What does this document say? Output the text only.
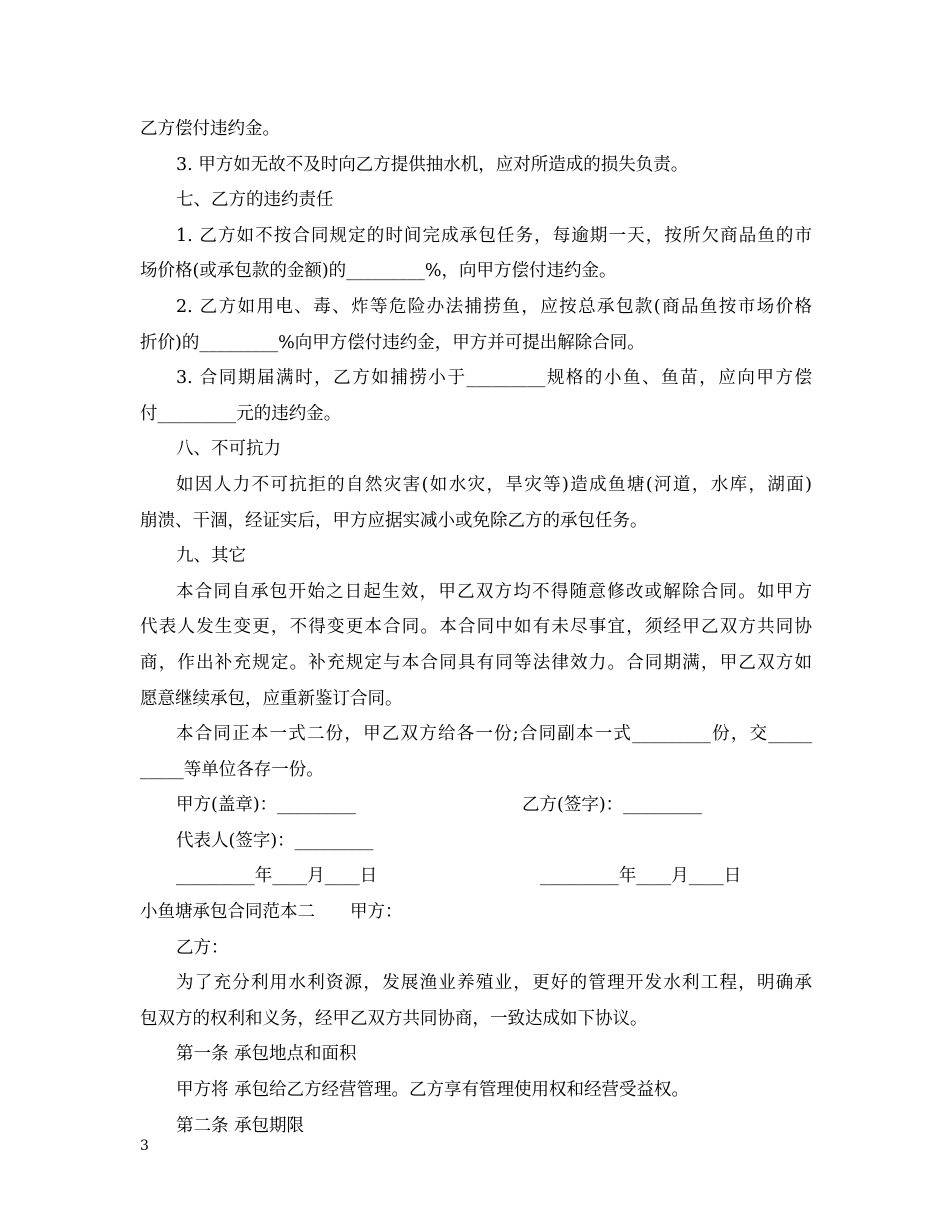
乙方偿付违约金。
3. 甲方如无故不及时向乙方提供抽水机，应对所造成的损失负责。
七、乙方的违约责任
1. 乙方如不按合同规定的时间完成承包任务，每逾期一天，按所欠商品鱼的市
场价格(或承包款的金额)的_________%，向甲方偿付违约金。
2. 乙方如用电、毒、炸等危险办法捕捞鱼，应按总承包款(商品鱼按市场价格
折价)的_________%向甲方偿付违约金，甲方并可提出解除合同。
3. 合同期届满时，乙方如捕捞小于_________规格的小鱼、鱼苗，应向甲方偿
付_________元的违约金。
八、不可抗力
如因人力不可抗拒的自然灾害(如水灾，旱灾等)造成鱼塘(河道，水库，湖面)
崩溃、干涸，经证实后，甲方应据实减小或免除乙方的承包任务。
九、其它
本合同自承包开始之日起生效，甲乙双方均不得随意修改或解除合同。如甲方
代表人发生变更，不得变更本合同。本合同中如有未尽事宜，须经甲乙双方共同协
商，作出补充规定。补充规定与本合同具有同等法律效力。合同期满，甲乙双方如
愿意继续承包，应重新鉴订合同。
本合同正本一式二份，甲乙双方给各一份;合同副本一式_________份，交_____
_____等单位各存一份。
甲方(盖章)：_________	乙方(签字)：_________
代表人(签字)：_________
_________年____月____日	_________年____月____日
小鱼塘承包合同范本二　　甲方：
乙方：
为了充分利用水利资源，发展渔业养殖业，更好的管理开发水利工程，明确承
包双方的权利和义务，经甲乙双方共同协商，一致达成如下协议。
第一条 承包地点和面积
甲方将 承包给乙方经营管理。乙方享有管理使用权和经营受益权。
第二条 承包期限
3
